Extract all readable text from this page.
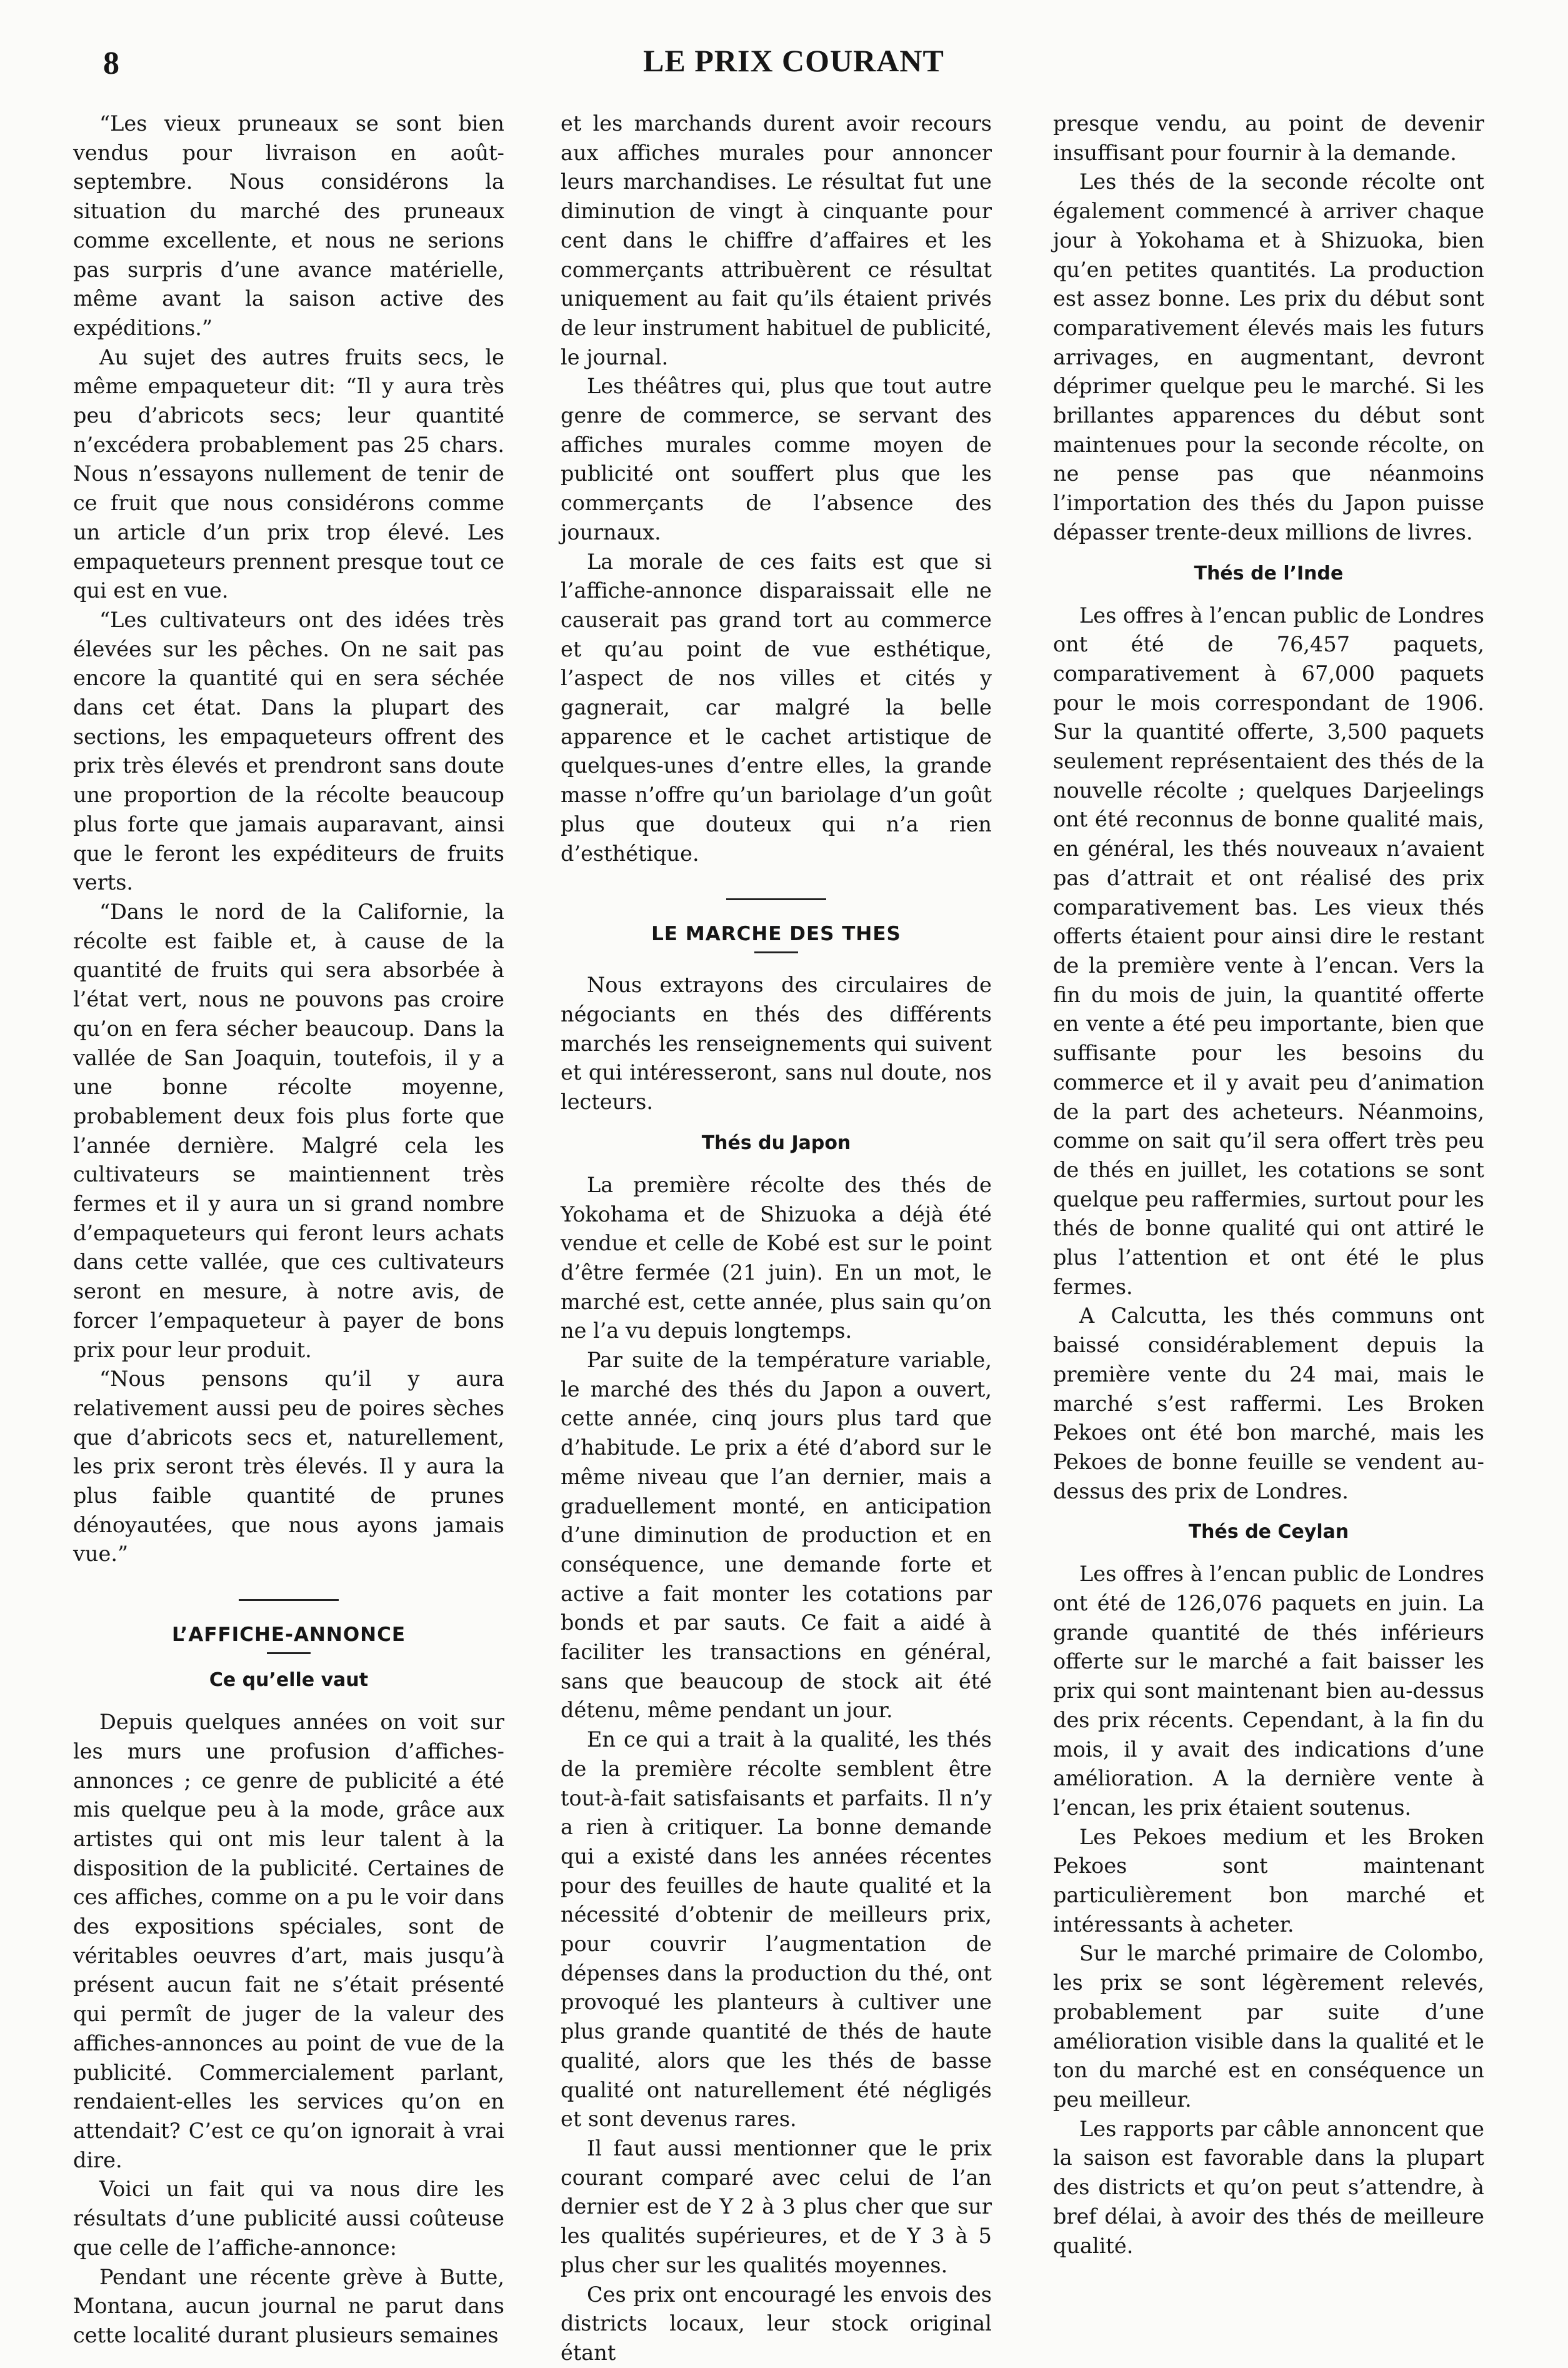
8	LE PRIX COURANT

“Les vieux pruneaux se sont bien vendus pour livraison en août-septembre. Nous considérons la situation du marché des pruneaux comme excellente, et nous ne serions pas surpris d’une avance matérielle, même avant la saison active des expéditions.”

Au sujet des autres fruits secs, le même empaqueteur dit: “Il y aura très peu d’abricots secs; leur quantité n’excédera probablement pas 25 chars. Nous n’essayons nullement de tenir de ce fruit que nous considérons comme un article d’un prix trop élevé. Les empaqueteurs prennent presque tout ce qui est en vue.

“Les cultivateurs ont des idées très élevées sur les pêches. On ne sait pas encore la quantité qui en sera séchée dans cet état. Dans la plupart des sections, les empaqueteurs offrent des prix très élevés et prendront sans doute une proportion de la récolte beaucoup plus forte que jamais auparavant, ainsi que le feront les expéditeurs de fruits verts.

“Dans le nord de la Californie, la récolte est faible et, à cause de la quantité de fruits qui sera absorbée à l’état vert, nous ne pouvons pas croire qu’on en fera sécher beaucoup. Dans la vallée de San Joaquin, toutefois, il y a une bonne récolte moyenne, probablement deux fois plus forte que l’année dernière. Malgré cela les cultivateurs se maintiennent très fermes et il y aura un si grand nombre d’empaqueteurs qui feront leurs achats dans cette vallée, que ces cultivateurs seront en mesure, à notre avis, de forcer l’empaqueteur à payer de bons prix pour leur produit.

“Nous pensons qu’il y aura relativement aussi peu de poires sèches que d’abricots secs et, naturellement, les prix seront très élevés. Il y aura la plus faible quantité de prunes dénoyautées, que nous ayons jamais vue.”

L’AFFICHE-ANNONCE
Ce qu’elle vaut

Depuis quelques années on voit sur les murs une profusion d’affiches-annonces ; ce genre de publicité a été mis quelque peu à la mode, grâce aux artistes qui ont mis leur talent à la disposition de la publicité. Certaines de ces affiches, comme on a pu le voir dans des expositions spéciales, sont de véritables oeuvres d’art, mais jusqu’à présent aucun fait ne s’était présenté qui permît de juger de la valeur des affiches-annonces au point de vue de la publicité. Commercialement parlant, rendaient-elles les services qu’on en attendait? C’est ce qu’on ignorait à vrai dire.

Voici un fait qui va nous dire les résultats d’une publicité aussi coûteuse que celle de l’affiche-annonce:

Pendant une récente grève à Butte, Montana, aucun journal ne parut dans cette localité durant plusieurs semaines

et les marchands durent avoir recours aux affiches murales pour annoncer leurs marchandises. Le résultat fut une diminution de vingt à cinquante pour cent dans le chiffre d’affaires et les commerçants attribuèrent ce résultat uniquement au fait qu’ils étaient privés de leur instrument habituel de publicité, le journal.

Les théâtres qui, plus que tout autre genre de commerce, se servant des affiches murales comme moyen de publicité ont souffert plus que les commerçants de l’absence des journaux.

La morale de ces faits est que si l’affiche-annonce disparaissait elle ne causerait pas grand tort au commerce et qu’au point de vue esthétique, l’aspect de nos villes et cités y gagnerait, car malgré la belle apparence et le cachet artistique de quelques-unes d’entre elles, la grande masse n’offre qu’un bariolage d’un goût plus que douteux qui n’a rien d’esthétique.

LE MARCHE DES THES

Nous extrayons des circulaires de négociants en thés des différents marchés les renseignements qui suivent et qui intéresseront, sans nul doute, nos lecteurs.

Thés du Japon

La première récolte des thés de Yokohama et de Shizuoka a déjà été vendue et celle de Kobé est sur le point d’être fermée (21 juin). En un mot, le marché est, cette année, plus sain qu’on ne l’a vu depuis longtemps.

Par suite de la température variable, le marché des thés du Japon a ouvert, cette année, cinq jours plus tard que d’habitude. Le prix a été d’abord sur le même niveau que l’an dernier, mais a graduellement monté, en anticipation d’une diminution de production et en conséquence, une demande forte et active a fait monter les cotations par bonds et par sauts. Ce fait a aidé à faciliter les transactions en général, sans que beaucoup de stock ait été détenu, même pendant un jour.

En ce qui a trait à la qualité, les thés de la première récolte semblent être tout-à-fait satisfaisants et parfaits. Il n’y a rien à critiquer. La bonne demande qui a existé dans les années récentes pour des feuilles de haute qualité et la nécessité d’obtenir de meilleurs prix, pour couvrir l’augmentation de dépenses dans la production du thé, ont provoqué les planteurs à cultiver une plus grande quantité de thés de haute qualité, alors que les thés de basse qualité ont naturellement été négligés et sont devenus rares.

Il faut aussi mentionner que le prix courant comparé avec celui de l’an dernier est de Y 2 à 3 plus cher que sur les qualités supérieures, et de Y 3 à 5 plus cher sur les qualités moyennes.

Ces prix ont encouragé les envois des districts locaux, leur stock original étant

presque vendu, au point de devenir insuffisant pour fournir à la demande.

Les thés de la seconde récolte ont également commencé à arriver chaque jour à Yokohama et à Shizuoka, bien qu’en petites quantités. La production est assez bonne. Les prix du début sont comparativement élevés mais les futurs arrivages, en augmentant, devront déprimer quelque peu le marché. Si les brillantes apparences du début sont maintenues pour la seconde récolte, on ne pense pas que néanmoins l’importation des thés du Japon puisse dépasser trente-deux millions de livres.

Thés de l’Inde

Les offres à l’encan public de Londres ont été de 76,457 paquets, comparativement à 67,000 paquets pour le mois correspondant de 1906. Sur la quantité offerte, 3,500 paquets seulement représentaient des thés de la nouvelle récolte ; quelques Darjeelings ont été reconnus de bonne qualité mais, en général, les thés nouveaux n’avaient pas d’attrait et ont réalisé des prix comparativement bas. Les vieux thés offerts étaient pour ainsi dire le restant de la première vente à l’encan. Vers la fin du mois de juin, la quantité offerte en vente a été peu importante, bien que suffisante pour les besoins du commerce et il y avait peu d’animation de la part des acheteurs. Néanmoins, comme on sait qu’il sera offert très peu de thés en juillet, les cotations se sont quelque peu raffermies, surtout pour les thés de bonne qualité qui ont attiré le plus l’attention et ont été le plus fermes.

A Calcutta, les thés communs ont baissé considérablement depuis la première vente du 24 mai, mais le marché s’est raffermi. Les Broken Pekoes ont été bon marché, mais les Pekoes de bonne feuille se vendent au-dessus des prix de Londres.

Thés de Ceylan

Les offres à l’encan public de Londres ont été de 126,076 paquets en juin. La grande quantité de thés inférieurs offerte sur le marché a fait baisser les prix qui sont maintenant bien au-dessus des prix récents. Cependant, à la fin du mois, il y avait des indications d’une amélioration. A la dernière vente à l’encan, les prix étaient soutenus.

Les Pekoes medium et les Broken Pekoes sont maintenant particulièrement bon marché et intéressants à acheter.

Sur le marché primaire de Colombo, les prix se sont légèrement relevés, probablement par suite d’une amélioration visible dans la qualité et le ton du marché est en conséquence un peu meilleur.

Les rapports par câble annoncent que la saison est favorable dans la plupart des districts et qu’on peut s’attendre, à bref délai, à avoir des thés de meilleure qualité.
